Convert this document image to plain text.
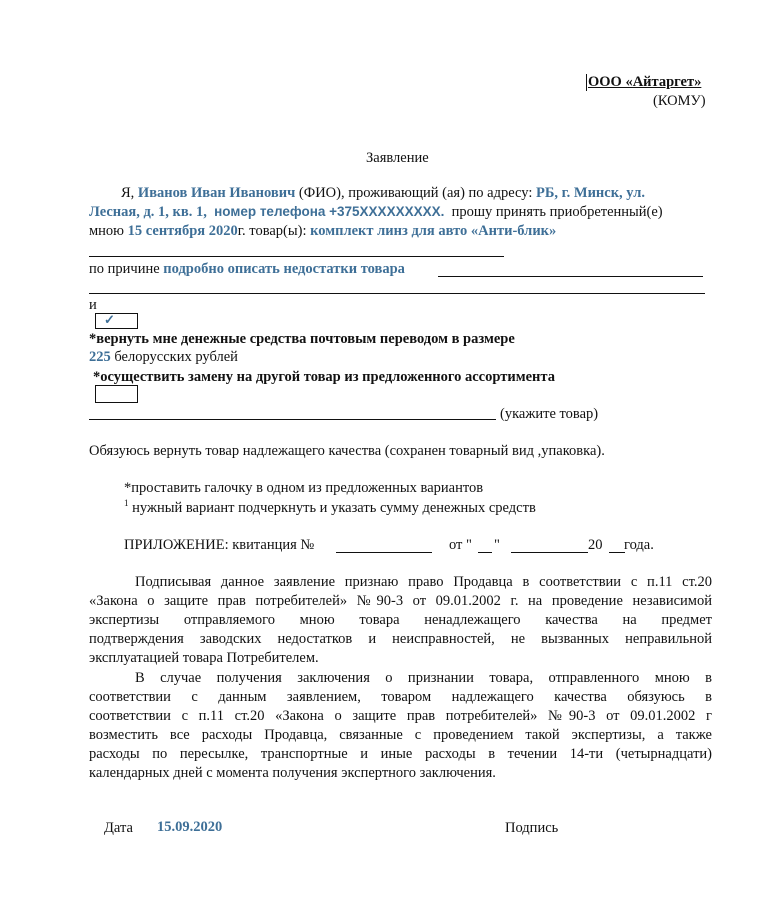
ООО «Айтаргет»
(КОМУ)
Заявление
Я, Иванов Иван Иванович (ФИО), проживающий (ая) по адресу: РБ, г. Минск, ул.
Лесная, д. 1, кв. 1, номер телефона +375XXXXXXXXX. прошу принять приобретенный(е)
мною 15 сентября 2020г. товар(ы): комплект линз для авто «Анти-блик»
по причине подробно описать недостатки товара
и
✓
*вернуть мне денежные средства почтовым переводом в размере
225 белорусских рублей
*осуществить замену на другой товар из предложенного ассортимента
(укажите товар)
Обязуюсь вернуть товар надлежащего качества (сохранен товарный вид ,упаковка).
*проставить галочку в одном из предложенных вариантов
$^1$ нужный вариант подчеркнуть и указать сумму денежных средств
ПРИЛОЖЕНИЕ: квитанция №	от " "	20 года.
Подписывая данное заявление признаю право Продавца в соответствии с п.11 ст.20
«Закона о защите прав потребителей» №90-3 от 09.01.2002 г. на проведение независимой
экспертизы отправляемого мною товара ненадлежащего качества на предмет
подтверждения заводских недостатков и неисправностей, не вызванных неправильной
эксплуатацией товара Потребителем.
В случае получения заключения о признании товара, отправленного мною в
соответствии с данным заявлением, товаром надлежащего качества обязуюсь в
соответствии с п.11 ст.20 «Закона о защите прав потребителей» №90-3 от 09.01.2002 г
возместить все расходы Продавца, связанные с проведением такой экспертизы, а также
расходы по пересылке, транспортные и иные расходы в течении 14-ти (четырнадцати)
календарных дней с момента получения экспертного заключения.
Дата 15.09.2020	Подпись
